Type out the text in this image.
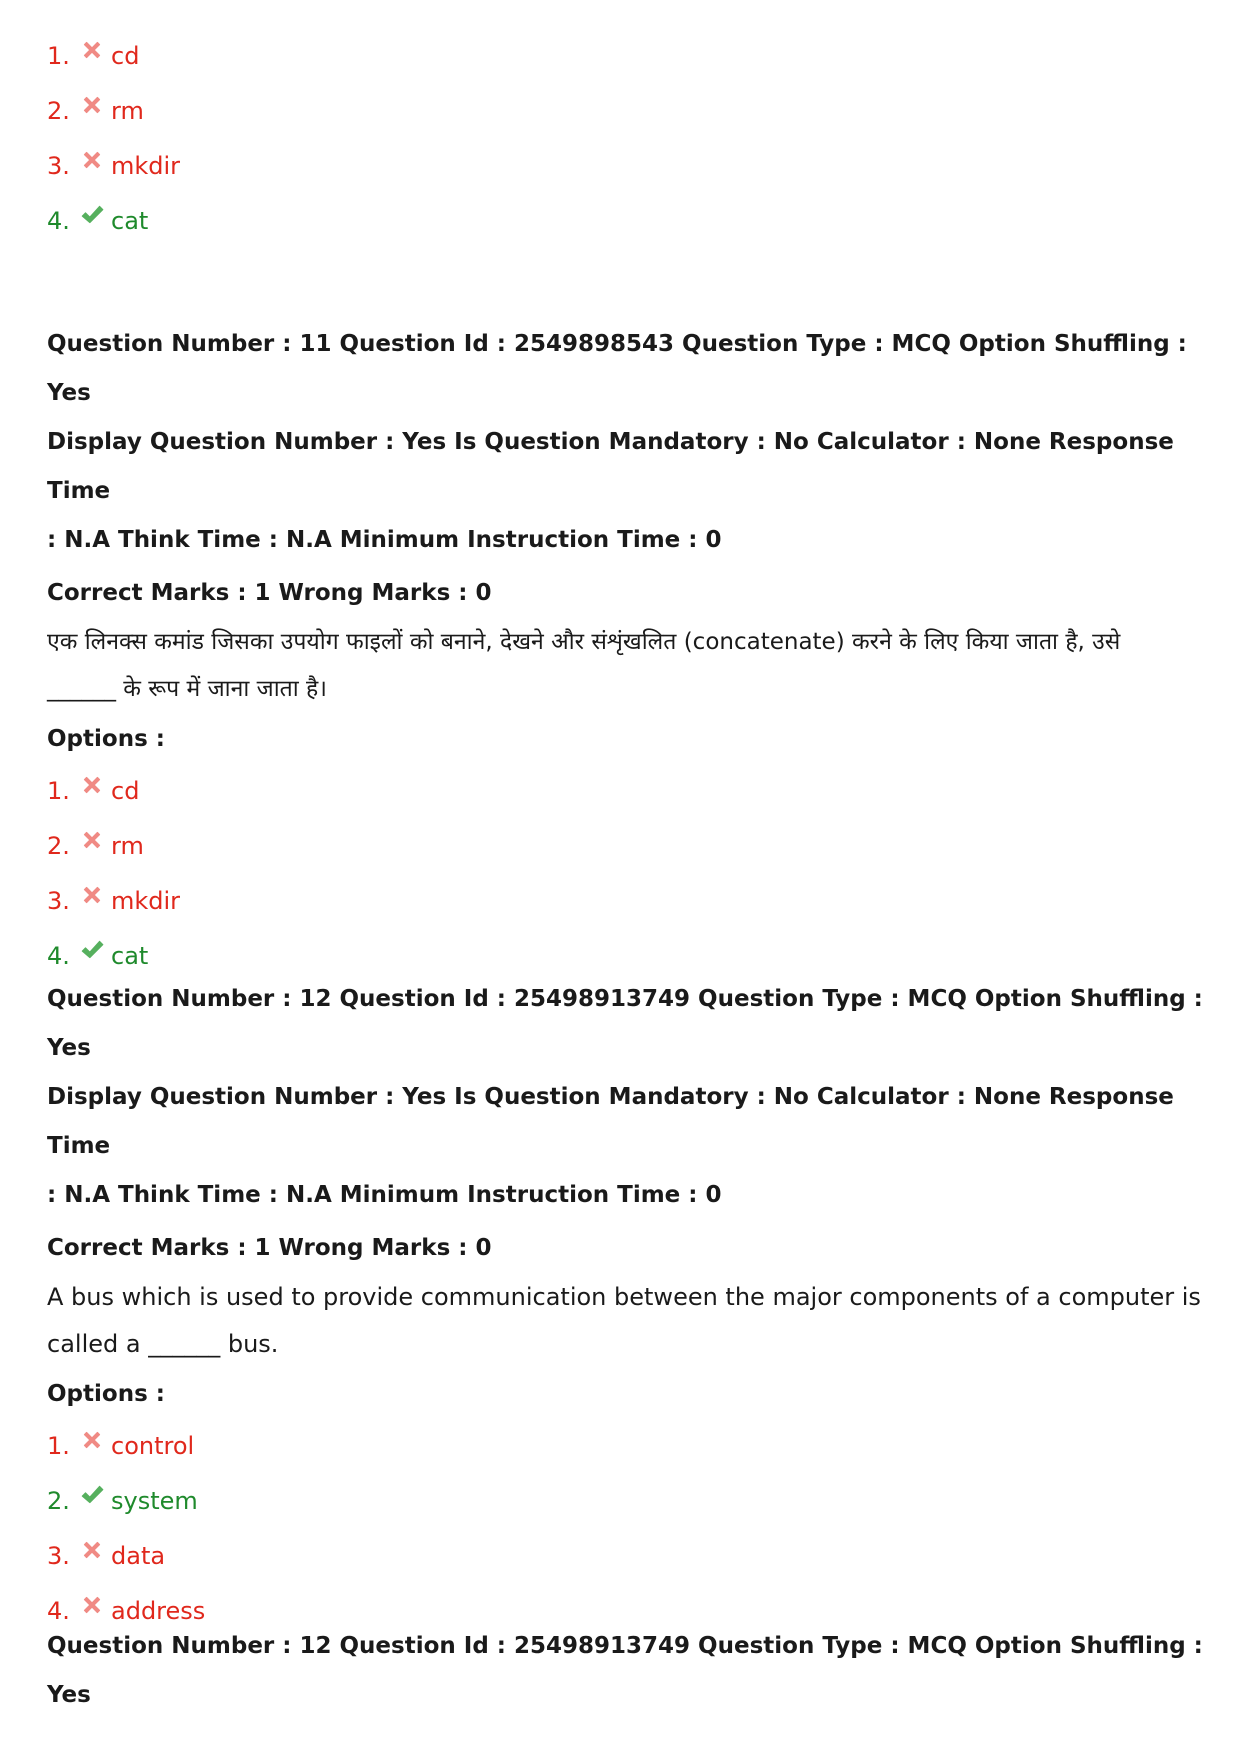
1.	cd
2.	rm
3.	mkdir
4.	cat

Question Number : 11 Question Id : 2549898543 Question Type : MCQ Option Shuffling : Yes

Display Question Number : Yes Is Question Mandatory : No Calculator : None Response Time

: N.A Think Time : N.A Minimum Instruction Time : 0

Correct Marks : 1 Wrong Marks : 0

एक लिनक्स कमांड जिसका उपयोग फाइलों को बनाने, देखने और संशृंखलित (concatenate) करने के लिए किया जाता है, उसे

______ के रूप में जाना जाता है।

Options :

1.	cd
2.	rm
3.	mkdir
4.	cat

Question Number : 12 Question Id : 25498913749 Question Type : MCQ Option Shuffling : Yes

Display Question Number : Yes Is Question Mandatory : No Calculator : None Response Time

: N.A Think Time : N.A Minimum Instruction Time : 0

Correct Marks : 1 Wrong Marks : 0

A bus which is used to provide communication between the major components of a computer is

called a ______ bus.

Options :

1.	control
2.	system
3.	data
4.	address

Question Number : 12 Question Id : 25498913749 Question Type : MCQ Option Shuffling : Yes
